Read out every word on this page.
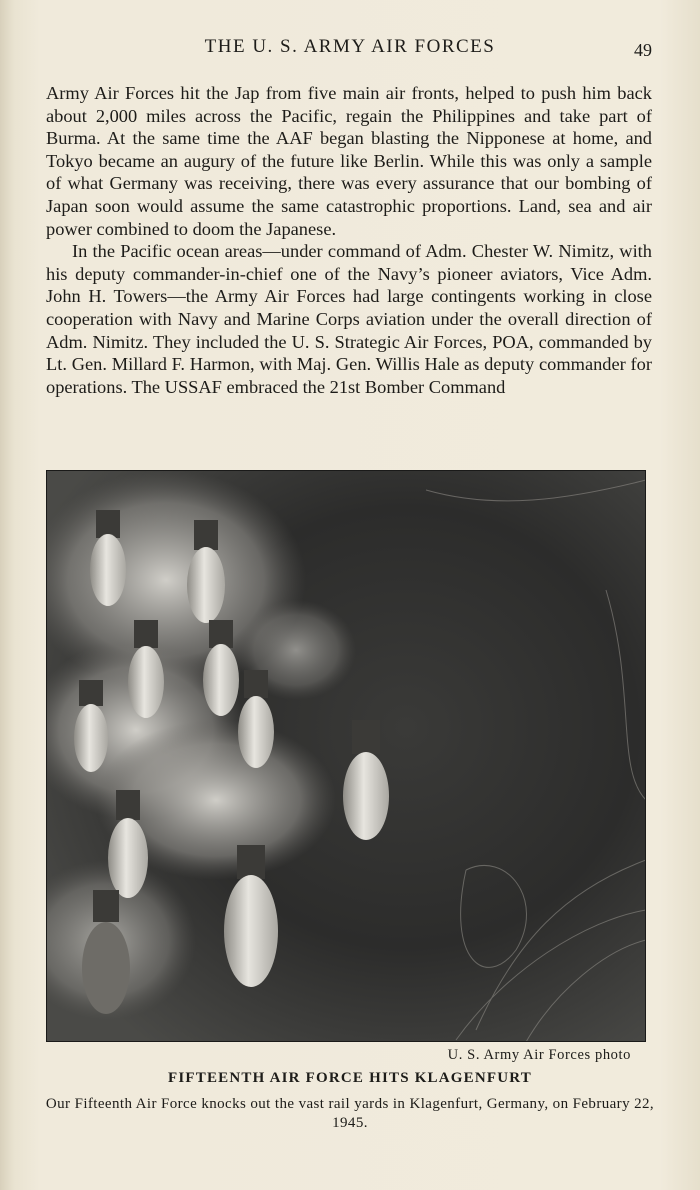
THE U. S. ARMY AIR FORCES	49

Army Air Forces hit the Jap from five main air fronts, helped to push him back about 2,000 miles across the Pacific, regain the Philippines and take part of Burma. At the same time the AAF began blasting the Nipponese at home, and Tokyo became an augury of the future like Berlin. While this was only a sample of what Germany was receiving, there was every assurance that our bombing of Japan soon would assume the same catastrophic proportions. Land, sea and air power combined to doom the Japanese.

In the Pacific ocean areas—under command of Adm. Chester W. Nimitz, with his deputy commander-in-chief one of the Navy’s pioneer aviators, Vice Adm. John H. Towers—the Army Air Forces had large contingents working in close cooperation with Navy and Marine Corps aviation under the overall direction of Adm. Nimitz. They included the U. S. Strategic Air Forces, POA, commanded by Lt. Gen. Millard F. Harmon, with Maj. Gen. Willis Hale as deputy commander for operations. The USSAF embraced the 21st Bomber Command

U. S. Army Air Forces photo
FIFTEENTH AIR FORCE HITS KLAGENFURT
Our Fifteenth Air Force knocks out the vast rail yards in Klagenfurt, Germany, on February 22, 1945.
